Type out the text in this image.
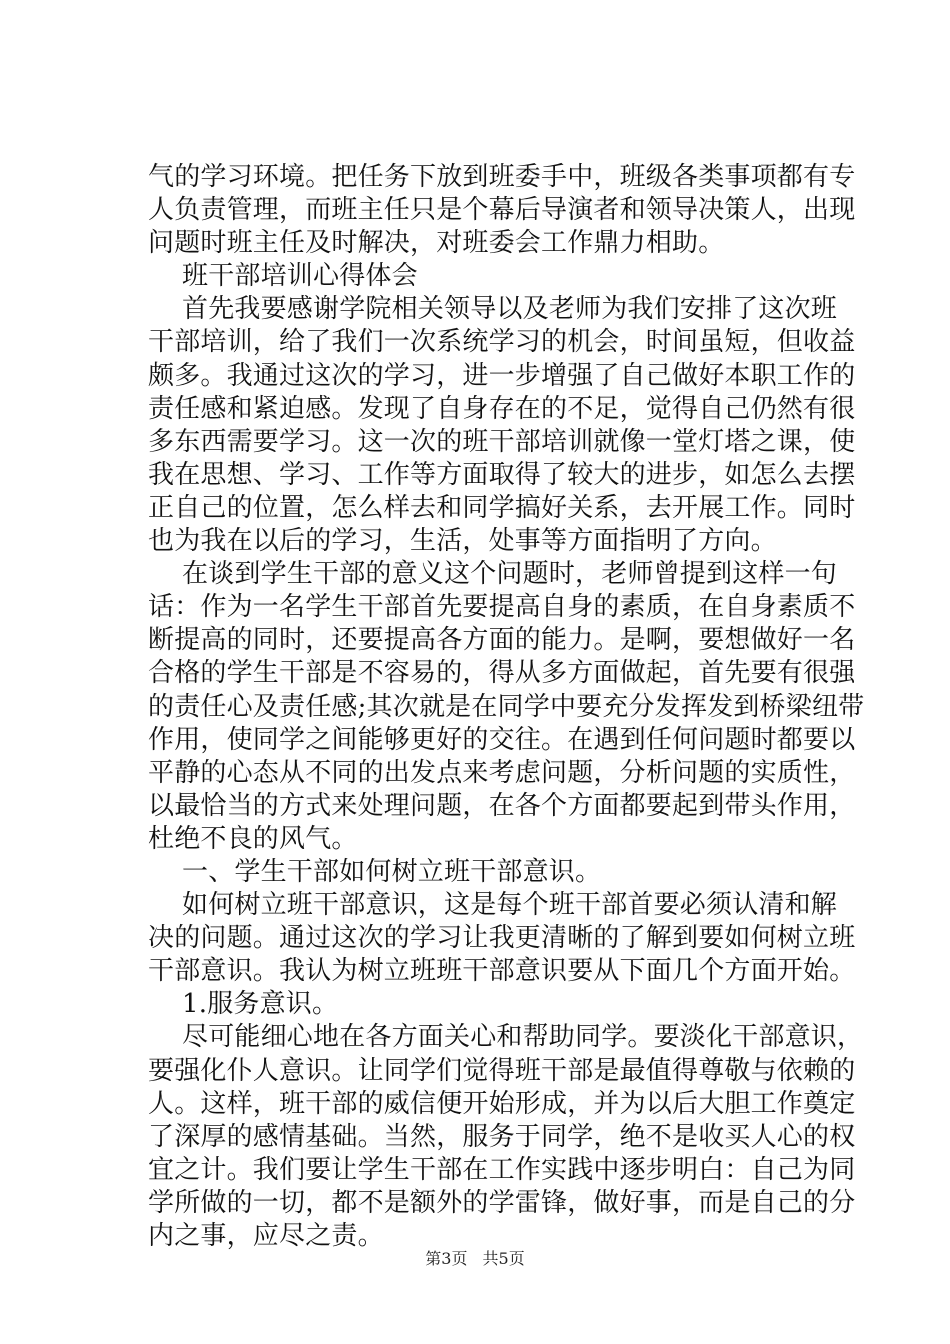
气的学习环境。把任务下放到班委手中，班级各类事项都有专
人负责管理，而班主任只是个幕后导演者和领导决策人，出现
问题时班主任及时解决，对班委会工作鼎力相助。
班干部培训心得体会
首先我要感谢学院相关领导以及老师为我们安排了这次班
干部培训，给了我们一次系统学习的机会，时间虽短，但收益
颇多。我通过这次的学习，进一步增强了自己做好本职工作的
责任感和紧迫感。发现了自身存在的不足，觉得自己仍然有很
多东西需要学习。这一次的班干部培训就像一堂灯塔之课，使
我在思想、学习、工作等方面取得了较大的进步，如怎么去摆
正自己的位置，怎么样去和同学搞好关系，去开展工作。同时
也为我在以后的学习，生活，处事等方面指明了方向。
在谈到学生干部的意义这个问题时，老师曾提到这样一句
话：作为一名学生干部首先要提高自身的素质，在自身素质不
断提高的同时，还要提高各方面的能力。是啊，要想做好一名
合格的学生干部是不容易的，得从多方面做起，首先要有很强
的责任心及责任感;其次就是在同学中要充分发挥发到桥梁纽带
作用，使同学之间能够更好的交往。在遇到任何问题时都要以
平静的心态从不同的出发点来考虑问题，分析问题的实质性，
以最恰当的方式来处理问题，在各个方面都要起到带头作用，
杜绝不良的风气。
一、学生干部如何树立班干部意识。
如何树立班干部意识，这是每个班干部首要必须认清和解
决的问题。通过这次的学习让我更清晰的了解到要如何树立班
干部意识。我认为树立班班干部意识要从下面几个方面开始。
1.服务意识。
尽可能细心地在各方面关心和帮助同学。要淡化干部意识，
要强化仆人意识。让同学们觉得班干部是最值得尊敬与依赖的
人。这样，班干部的威信便开始形成，并为以后大胆工作奠定
了深厚的感情基础。当然，服务于同学，绝不是收买人心的权
宜之计。我们要让学生干部在工作实践中逐步明白：自己为同
学所做的一切，都不是额外的学雷锋，做好事，而是自己的分
内之事，应尽之责。
第3页 共5页
